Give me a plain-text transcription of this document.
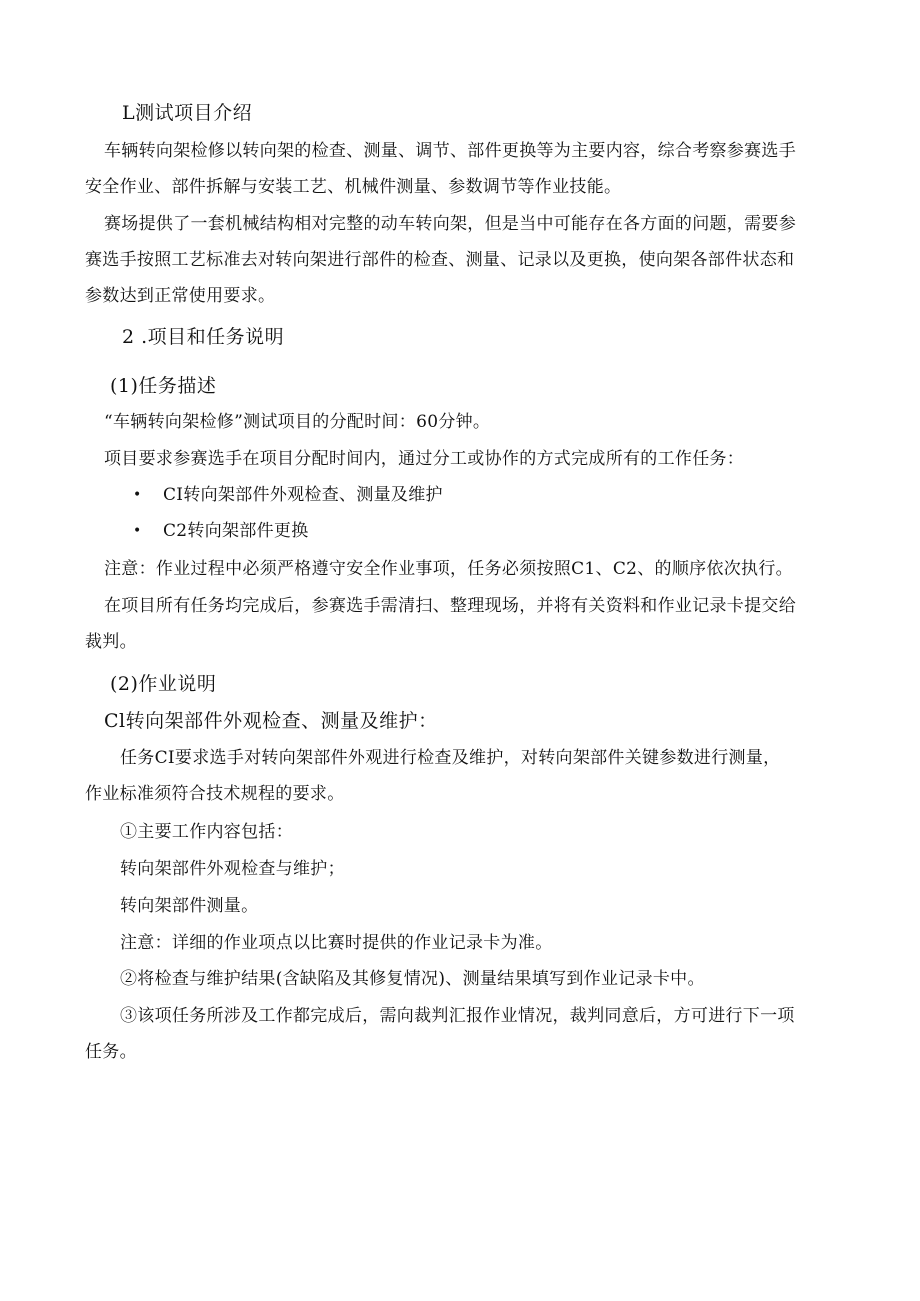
L测试项目介绍
车辆转向架检修以转向架的检查、测量、调节、部件更换等为主要内容，综合考察参赛选手
安全作业、部件拆解与安装工艺、机械件测量、参数调节等作业技能。
赛场提供了一套机械结构相对完整的动车转向架，但是当中可能存在各方面的问题，需要参
赛选手按照工艺标准去对转向架进行部件的检查、测量、记录以及更换，使向架各部件状态和
参数达到正常使用要求。
2 .项目和任务说明
(1)任务描述
“车辆转向架检修”测试项目的分配时间：60分钟。
项目要求参赛选手在项目分配时间内，通过分工或协作的方式完成所有的工作任务：
• CI转向架部件外观检查、测量及维护
• C2转向架部件更换
注意：作业过程中必须严格遵守安全作业事项，任务必须按照C1、C2、的顺序依次执行。
在项目所有任务均完成后，参赛选手需清扫、整理现场，并将有关资料和作业记录卡提交给
裁判。
(2)作业说明
Cl转向架部件外观检查、测量及维护：
任务CI要求选手对转向架部件外观进行检查及维护，对转向架部件关键参数进行测量，
作业标准须符合技术规程的要求。
①主要工作内容包括：
转向架部件外观检查与维护；
转向架部件测量。
注意：详细的作业项点以比赛时提供的作业记录卡为准。
②将检查与维护结果(含缺陷及其修复情况)、测量结果填写到作业记录卡中。
③该项任务所涉及工作都完成后，需向裁判汇报作业情况，裁判同意后，方可进行下一项
任务。
